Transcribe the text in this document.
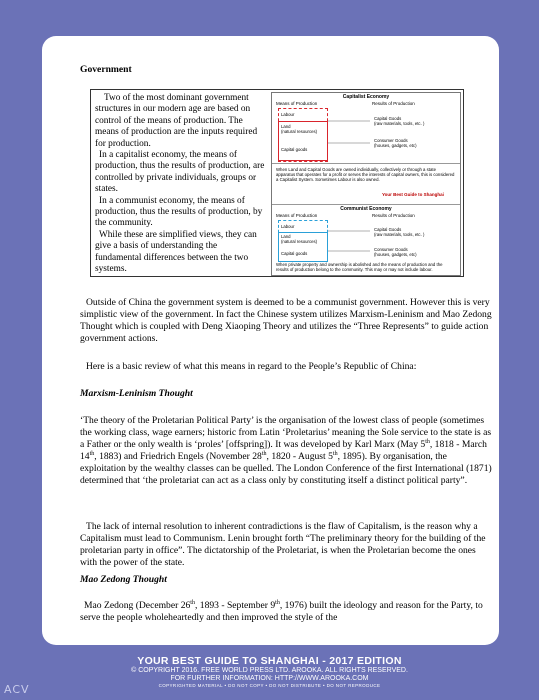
Government
Two of the most dominant government structures in our modern age are based on control of the means of production. The means of production are the inputs required for production.
In a capitalist economy, the means of production, thus the results of production, are controlled by private individuals, groups or states.
In a communist economy, the means of production, thus the results of production, by the community.
While these are simplified views, they can give a basis of understanding the fundamental differences between the two systems.
Capitalist Economy
Means of Production	Results of Production
Labour
Land
(natural resources)
Capital goods
Capital Goods
(raw materials, tools, etc. )
Consumer Goods
(houses, gadgets, etc)
When Land and Capital Goods are owned individually, collectively or through a state apparatus that operates for a profit or serves the interests of capital owners, this is considered a Capitalist System. Sometimes Labour is also owned.
Your Best Guide to Shanghai
Communist Economy
Means of Production	Results of Production
Labour
Land
(natural resources)
Capital goods
Capital Goods
(raw materials, tools, etc. )
Consumer Goods
(houses, gadgets, etc)
When private property and ownership is abolished and the means of production and the results of production belong to the community. This may or may not include labour.
Outside of China the government system is deemed to be a communist government. However this is very simplistic view of the government. In fact the Chinese system utilizes Marxism-Leninism and Mao Zedong Thought which is coupled with Deng Xiaoping Theory and utilizes the “Three Represents” to guide action government actions.
Here is a basic review of what this means in regard to the People’s Republic of China:
Marxism-Leninism Thought
‘The theory of the Proletarian Political Party’ is the organisation of the lowest class of people (sometimes the working class, wage earners; historic from Latin ‘Proletarius’ meaning the Sole service to the state is as a Father or the only wealth is ‘proles’ [offspring]). It was developed by Karl Marx (May 5th, 1818 - March 14th, 1883) and Friedrich Engels (November 28th, 1820 - August 5th, 1895). By organisation, the exploitation by the wealthy classes can be quelled. The London Conference of the first International (1871) determined that ‘the proletariat can act as a class only by constituting itself a distinct political party”.
The lack of internal resolution to inherent contradictions is the flaw of Capitalism, is the reason why a Capitalism must lead to Communism. Lenin brought forth “The preliminary theory for the building of the proletarian party in office”. The dictatorship of the Proletariat, is when the Proletarian become the ones with the power of the state.
Mao Zedong Thought
Mao Zedong (December 26th, 1893 - September 9th, 1976) built the ideology and reason for the Party, to serve the people wholeheartedly and then improved the style of the
YOUR BEST GUIDE TO SHANGHAI - 2017 EDITION
© COPYRIGHT 2016. FREE WORLD PRESS LTD. AROOKA. ALL RIGHTS RESERVED.
FOR FURTHER INFORMATION: HTTP://WWW.AROOKA.COM
COPYRIGHTED MATERIAL • DO NOT COPY • DO NOT DISTRIBUTE • DO NOT REPRODUCE
ACV
